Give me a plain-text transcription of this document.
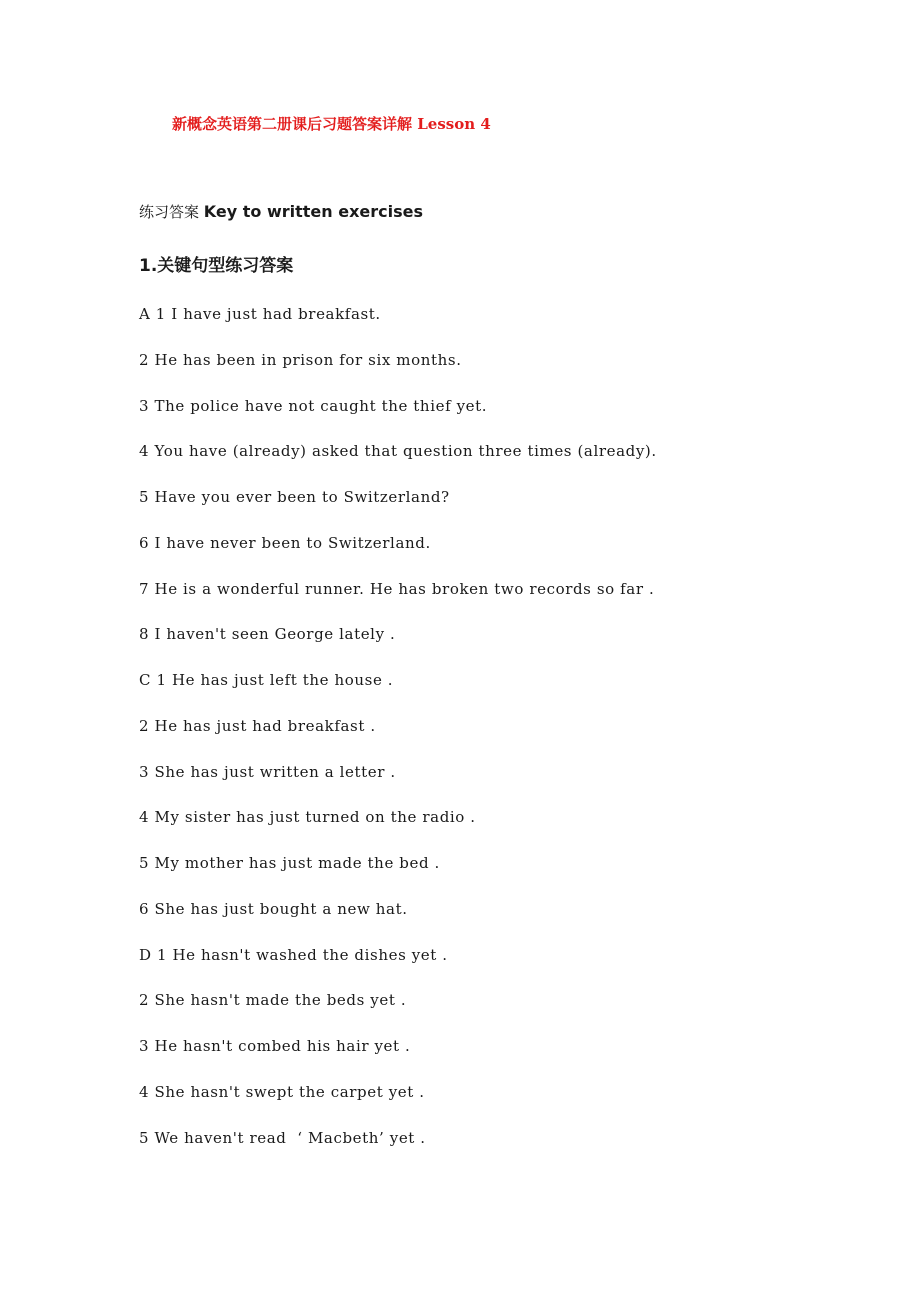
新概念英语第二册课后习题答案详解 Lesson 4
练习答案 Key to written exercises
1.关键句型练习答案
A 1 I have just had breakfast.
2 He has been in prison for six months.
3 The police have not caught the thief yet.
4 You have (already) asked that question three times (already).
5 Have you ever been to Switzerland?
6 I have never been to Switzerland.
7 He is a wonderful runner. He has broken two records so far .
8 I haven't seen George lately .
C 1 He has just left the house .
2 He has just had breakfast .
3 She has just written a letter .
4 My sister has just turned on the radio .
5 My mother has just made the bed .
6 She has just bought a new hat.
D 1 He hasn't washed the dishes yet .
2 She hasn't made the beds yet .
3 He hasn't combed his hair yet .
4 She hasn't swept the carpet yet .
5 We haven't read  ‘ Macbeth’ yet .
